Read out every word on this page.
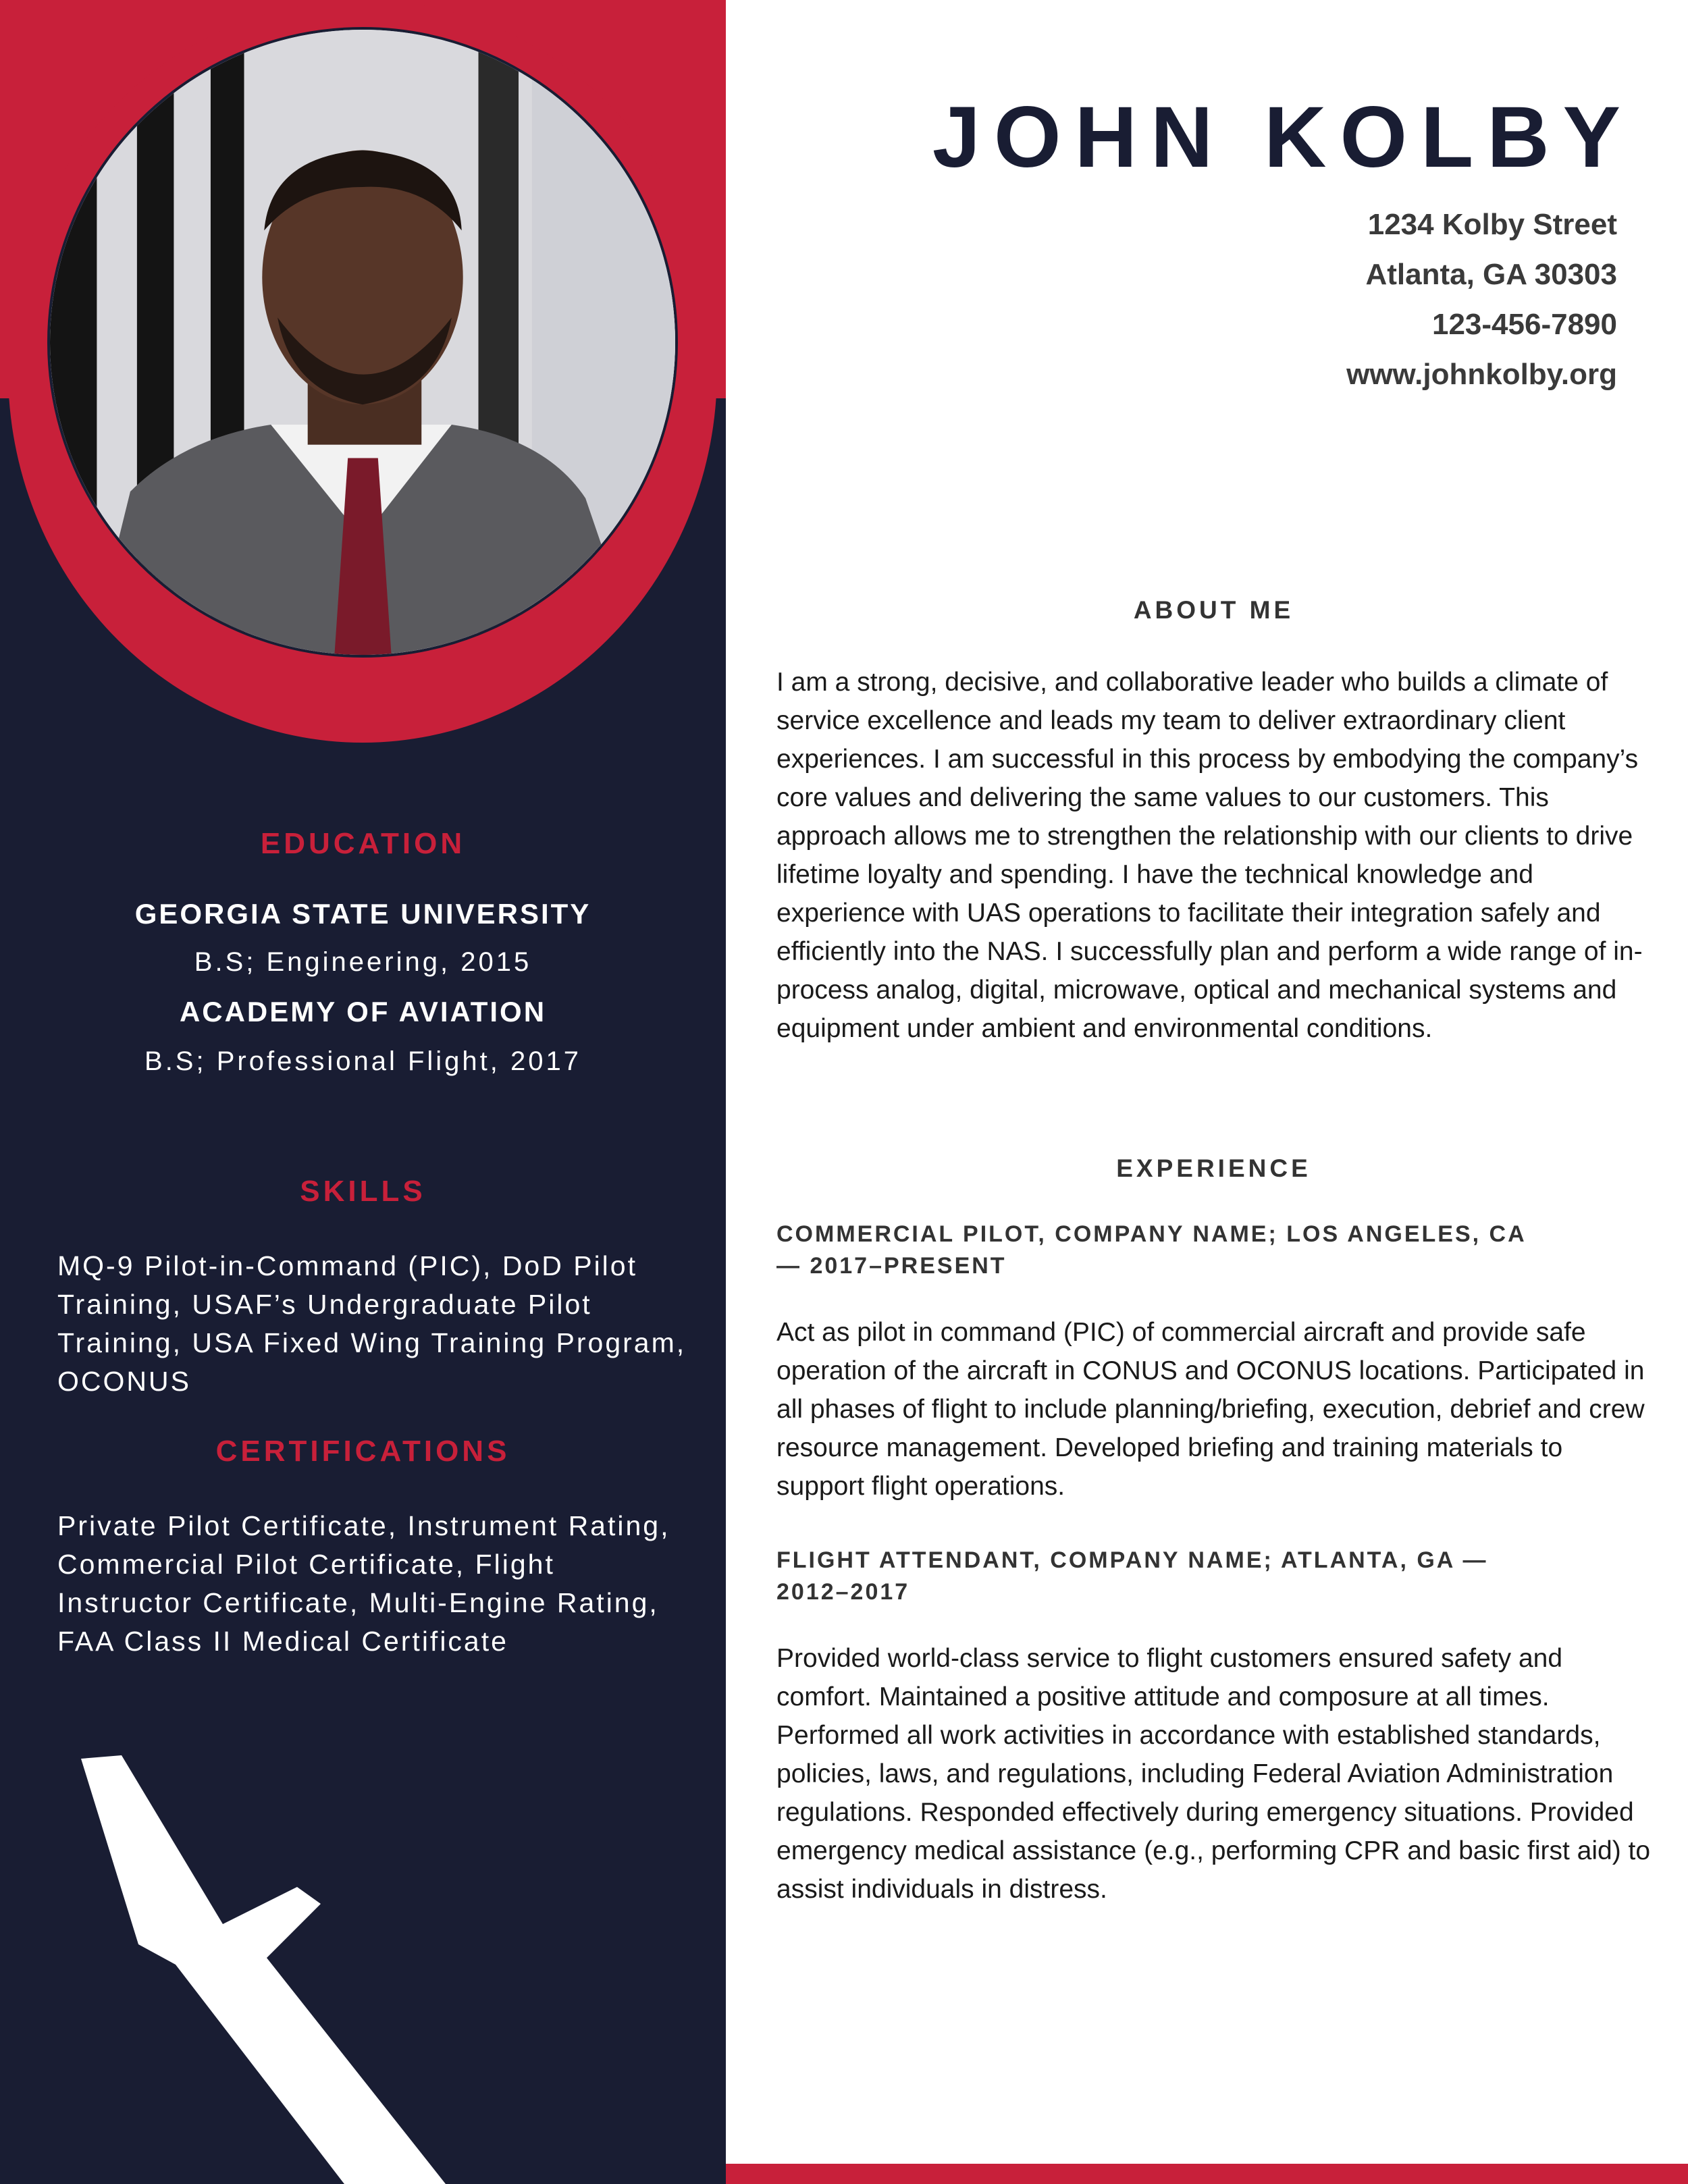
EDUCATION
GEORGIA STATE UNIVERSITY
B.S; Engineering, 2015
ACADEMY OF AVIATION
B.S; Professional Flight, 2017
SKILLS
MQ-9 Pilot-in-Command (PIC), DoD Pilot Training, USAF’s Undergraduate Pilot Training, USA Fixed Wing Training Program, OCONUS
CERTIFICATIONS
Private Pilot Certificate, Instrument Rating, Commercial Pilot Certificate, Flight Instructor Certificate, Multi-Engine Rating, FAA Class II Medical Certificate
JOHN KOLBY
1234 Kolby Street
Atlanta, GA 30303
123-456-7890
www.johnkolby.org
ABOUT ME
I am a strong, decisive, and collaborative leader who builds a climate of service excellence and leads my team to deliver extraordinary client experiences. I am successful in this process by embodying the company’s core values and delivering the same values to our customers. This approach allows me to strengthen the relationship with our clients to drive lifetime loyalty and spending. I have the technical knowledge and experience with UAS operations to facilitate their integration safely and efficiently into the NAS. I successfully plan and perform a wide range of in-process analog, digital, microwave, optical and mechanical systems and equipment under ambient and environmental conditions.
EXPERIENCE
COMMERCIAL PILOT, COMPANY NAME; LOS ANGELES, CA — 2017–PRESENT
Act as pilot in command (PIC) of commercial aircraft and provide safe operation of the aircraft in CONUS and OCONUS locations. Participated in all phases of flight to include planning/briefing, execution, debrief and crew resource management. Developed briefing and training materials to support flight operations.
FLIGHT ATTENDANT, COMPANY NAME; ATLANTA, GA — 2012–2017
Provided world-class service to flight customers ensured safety and comfort. Maintained a positive attitude and composure at all times. Performed all work activities in accordance with established standards, policies, laws, and regulations, including Federal Aviation Administration regulations. Responded effectively during emergency situations. Provided emergency medical assistance (e.g., performing CPR and basic first aid) to assist individuals in distress.
